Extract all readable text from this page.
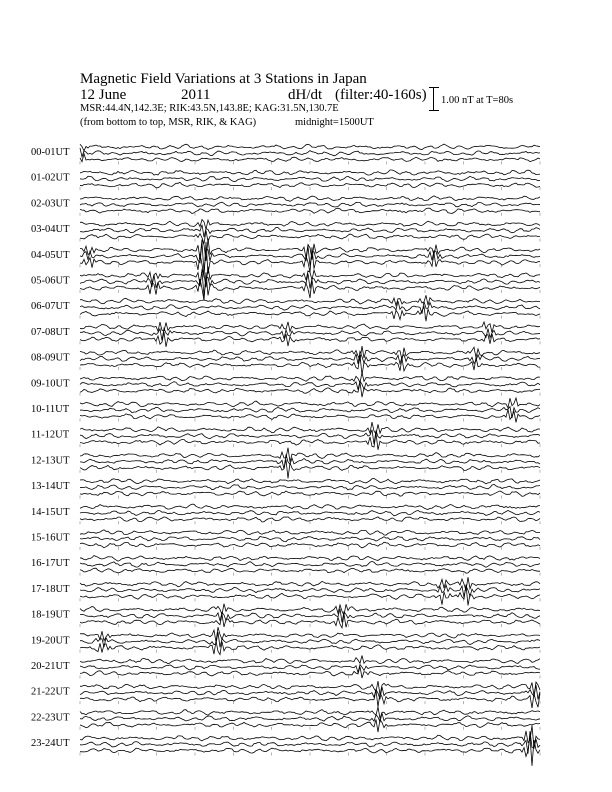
Magnetic Field Variations at 3 Stations in Japan
12 June	2011	dH/dt (filter:40-160s)
MSR:44.4N,142.3E; RIK:43.5N,143.8E; KAG:31.5N,130.7E
(from bottom to top, MSR, RIK, & KAG)	midnight=1500UT
1.00 nT at T=80s
00-01UT
01-02UT
02-03UT
03-04UT
04-05UT
05-06UT
06-07UT
07-08UT
08-09UT
09-10UT
10-11UT
11-12UT
12-13UT
13-14UT
14-15UT
15-16UT
16-17UT
17-18UT
18-19UT
19-20UT
20-21UT
21-22UT
22-23UT
23-24UT
